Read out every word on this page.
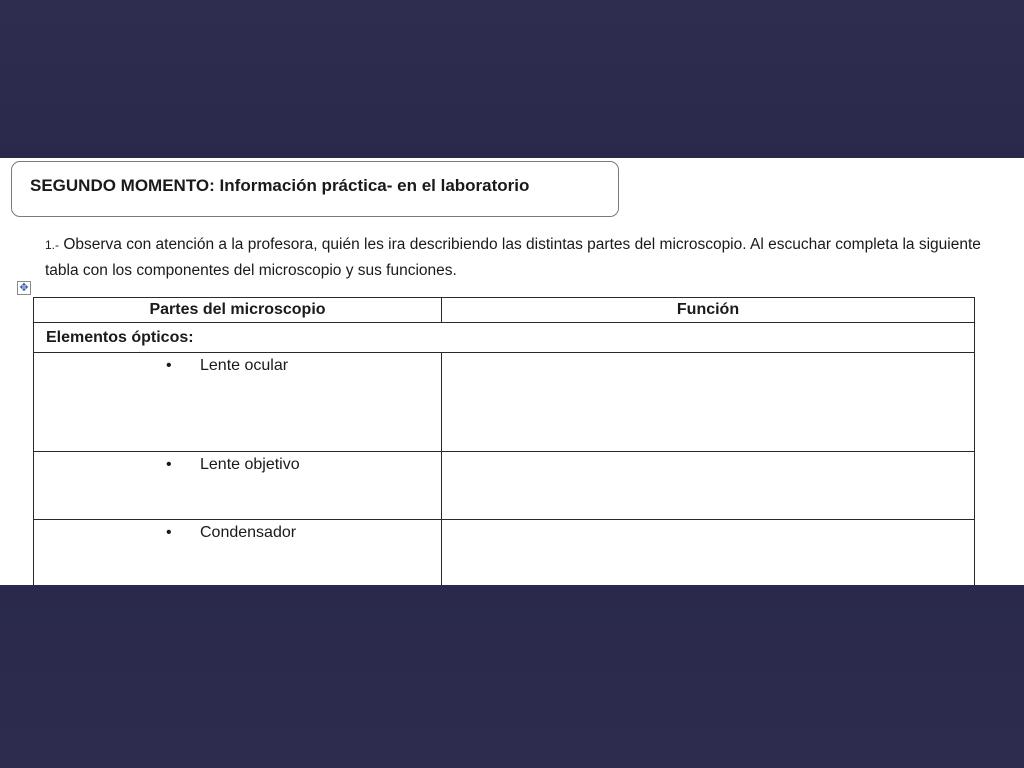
SEGUNDO MOMENTO: Información práctica- en el laboratorio
1.- Observa con atención a la profesora, quién les ira describiendo las distintas partes del microscopio. Al escuchar completa la siguiente tabla con los componentes del microscopio y sus funciones.
✥
Partes del microscopio	Función
Elementos ópticos:	

• Lente ocular	

• Lente objetivo	

• Condensador	
